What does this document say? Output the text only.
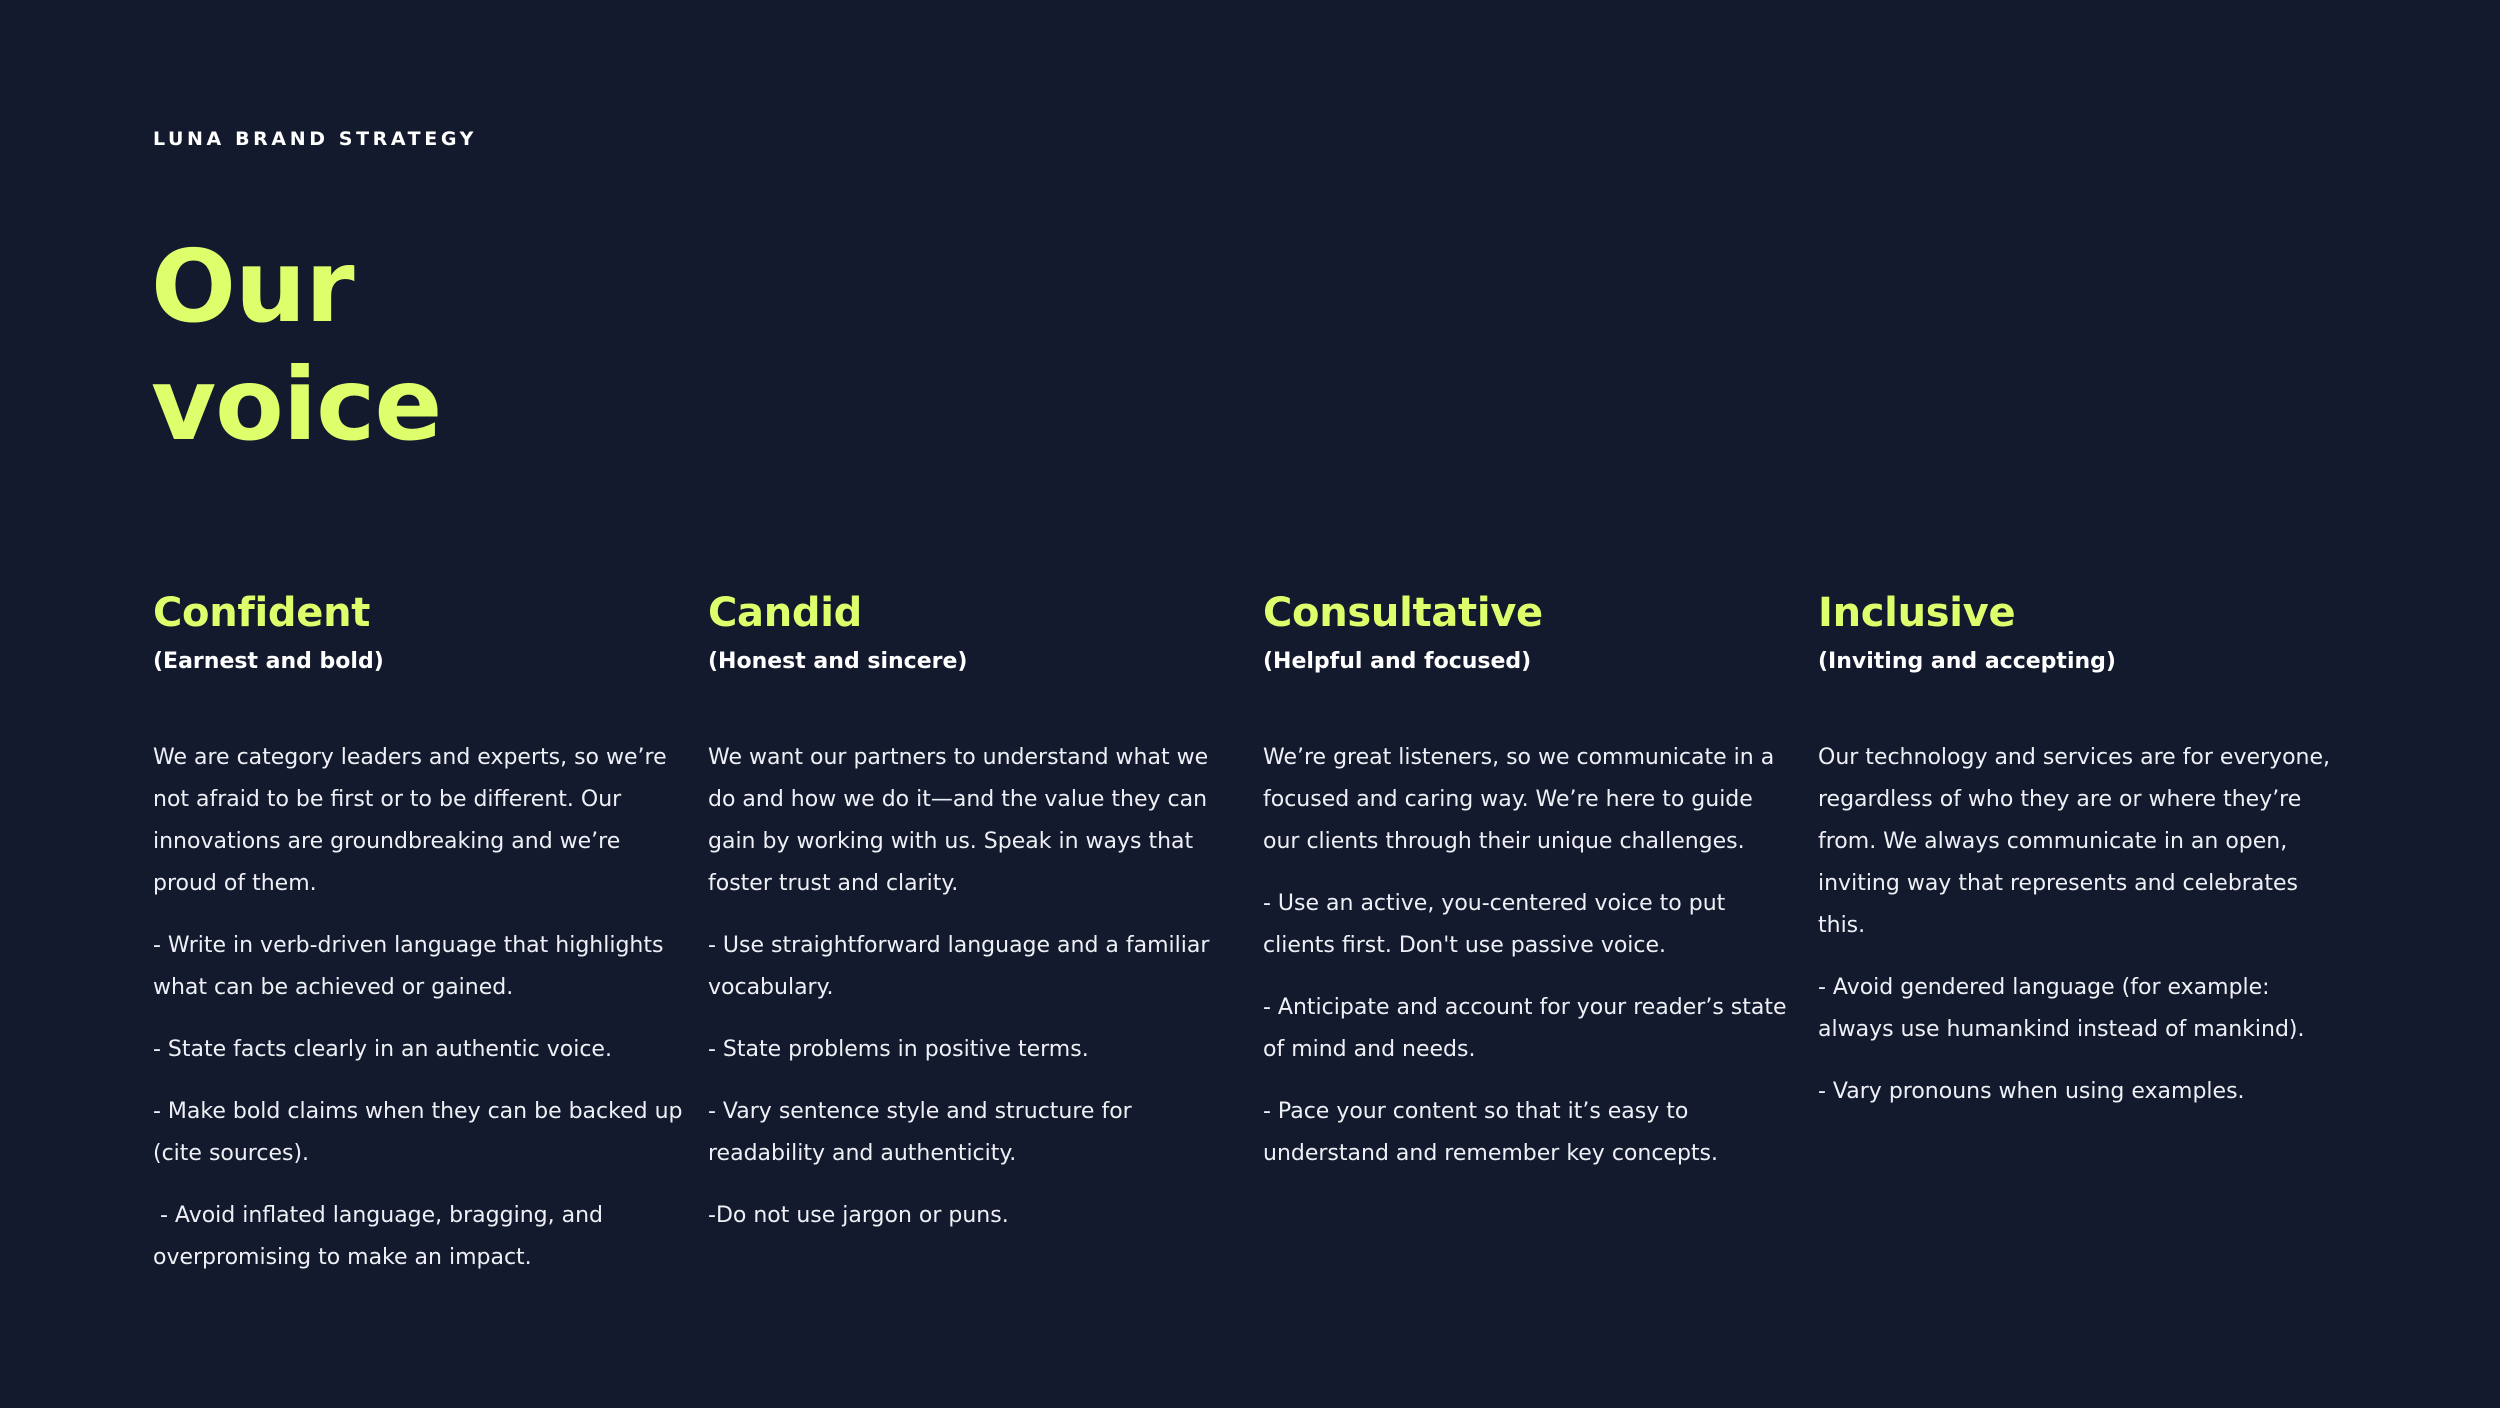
LUNA BRAND STRATEGY

Our
voice
Confident

(Earnest and bold)

We are category leaders and experts, so we’re not afraid to be first or to be different. Our innovations are groundbreaking and we’re proud of them.

- Write in verb-driven language that highlights what can be achieved or gained.
- State facts clearly in an authentic voice.
- Make bold claims when they can be backed up (cite sources).
- Avoid inflated language, bragging, and overpromising to make an impact.
Candid

(Honest and sincere)

We want our partners to understand what we do and how we do it—and the value they can gain by working with us. Speak in ways that foster trust and clarity.

- Use straightforward language and a familiar vocabulary.
- State problems in positive terms.
- Vary sentence style and structure for readability and authenticity.
-Do not use jargon or puns.
Consultative

(Helpful and focused)

We’re great listeners, so we communicate in a focused and caring way. We’re here to guide our clients through their unique challenges.

- Use an active, you-centered voice to put clients first. Don't use passive voice.
- Anticipate and account for your reader’s state of mind and needs.
- Pace your content so that it’s easy to understand and remember key concepts.
Inclusive

(Inviting and accepting)

Our technology and services are for everyone, regardless of who they are or where they’re from. We always communicate in an open, inviting way that represents and celebrates this.

- Avoid gendered language (for example: always use humankind instead of mankind).
- Vary pronouns when using examples.
